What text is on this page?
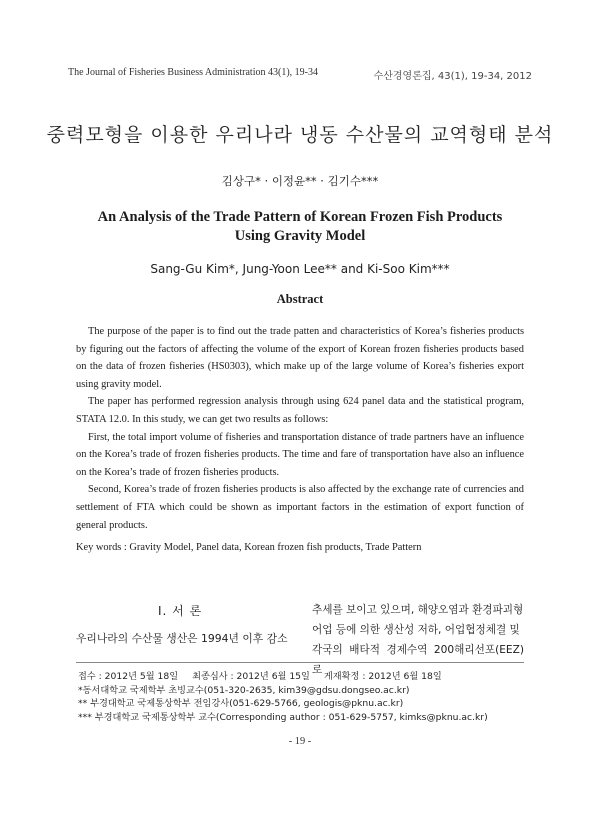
The Journal of Fisheries Business Administration 43(1), 19-34	수산경영론집, 43(1), 19-34, 2012
중력모형을 이용한 우리나라 냉동 수산물의 교역형태 분석
김상구* · 이정윤** · 김기수***
An Analysis of the Trade Pattern of Korean Frozen Fish Products
Using Gravity Model
Sang-Gu Kim*, Jung-Yoon Lee** and Ki-Soo Kim***
Abstract

The purpose of the paper is to find out the trade patten and characteristics of Korea’s fisheries products by figuring out the factors of affecting the volume of the export of Korean frozen fisheries products based on the data of frozen fisheries (HS0303), which make up of the large volume of Korea’s fisheries export using gravity model.

The paper has performed regression analysis through using 624 panel data and the statistical program, STATA 12.0. In this study, we can get two results as follows:

First, the total import volume of fisheries and transportation distance of trade partners have an influence on the Korea’s trade of frozen fisheries products. The time and fare of transportation have also an influence on the Korea’s trade of frozen fisheries products.

Second, Korea’s trade of frozen fisheries products is also affected by the exchange rate of currencies and settlement of FTA which could be shown as important factors in the estimation of export function of general products.

Key words : Gravity Model, Panel data, Korean frozen fish products, Trade Pattern
Ⅰ. 서 론
우리나라의 수산물 생산은 1994년 이후 감소
추세를 보이고 있으며, 해양오염과 환경파괴형
어업 등에 의한 생산성 저하, 어업협정체결 및
각국의 배타적 경제수역 200해리선포(EEZ)로
접수 : 2012년 5월 18일 최종심사 : 2012년 6월 15일 게재확정 : 2012년 6월 18일
*동서대학교 국제학부 초빙교수(051-320-2635, kim39@gdsu.dongseo.ac.kr)
** 부경대학교 국제통상학부 전임강사(051-629-5766, geologis@pknu.ac.kr)
*** 부경대학교 국제통상학부 교수(Corresponding author : 051-629-5757, kimks@pknu.ac.kr)
- 19 -
